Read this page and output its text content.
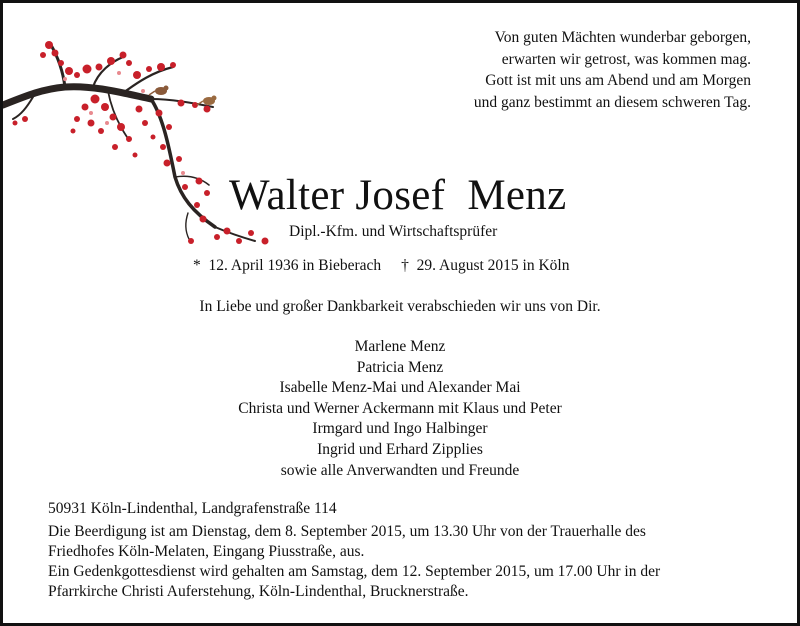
Von guten Mächten wunderbar geborgen,
erwarten wir getrost, was kommen mag.
Gott ist mit uns am Abend und am Morgen
und ganz bestimmt an diesem schweren Tag.
Walter Josef  Menz
Dipl.-Kfm. und Wirtschaftsprüfer
*  12. April 1936 in Bieberach †  29. August 2015 in Köln
In Liebe und großer Dankbarkeit verabschieden wir uns von Dir.
Marlene Menz
Patricia Menz
Isabelle Menz-Mai und Alexander Mai
Christa und Werner Ackermann mit Klaus und Peter
Irmgard und Ingo Halbinger
Ingrid und Erhard Zipplies
sowie alle Anverwandten und Freunde
50931 Köln-Lindenthal, Landgrafenstraße 114
Die Beerdigung ist am Dienstag, dem 8. September 2015, um 13.30 Uhr von der Trauerhalle des
Friedhofes Köln-Melaten, Eingang Piusstraße, aus.
Ein Gedenkgottesdienst wird gehalten am Samstag, dem 12. September 2015, um 17.00 Uhr in der
Pfarrkirche Christi Auferstehung, Köln-Lindenthal, Brucknerstraße.
